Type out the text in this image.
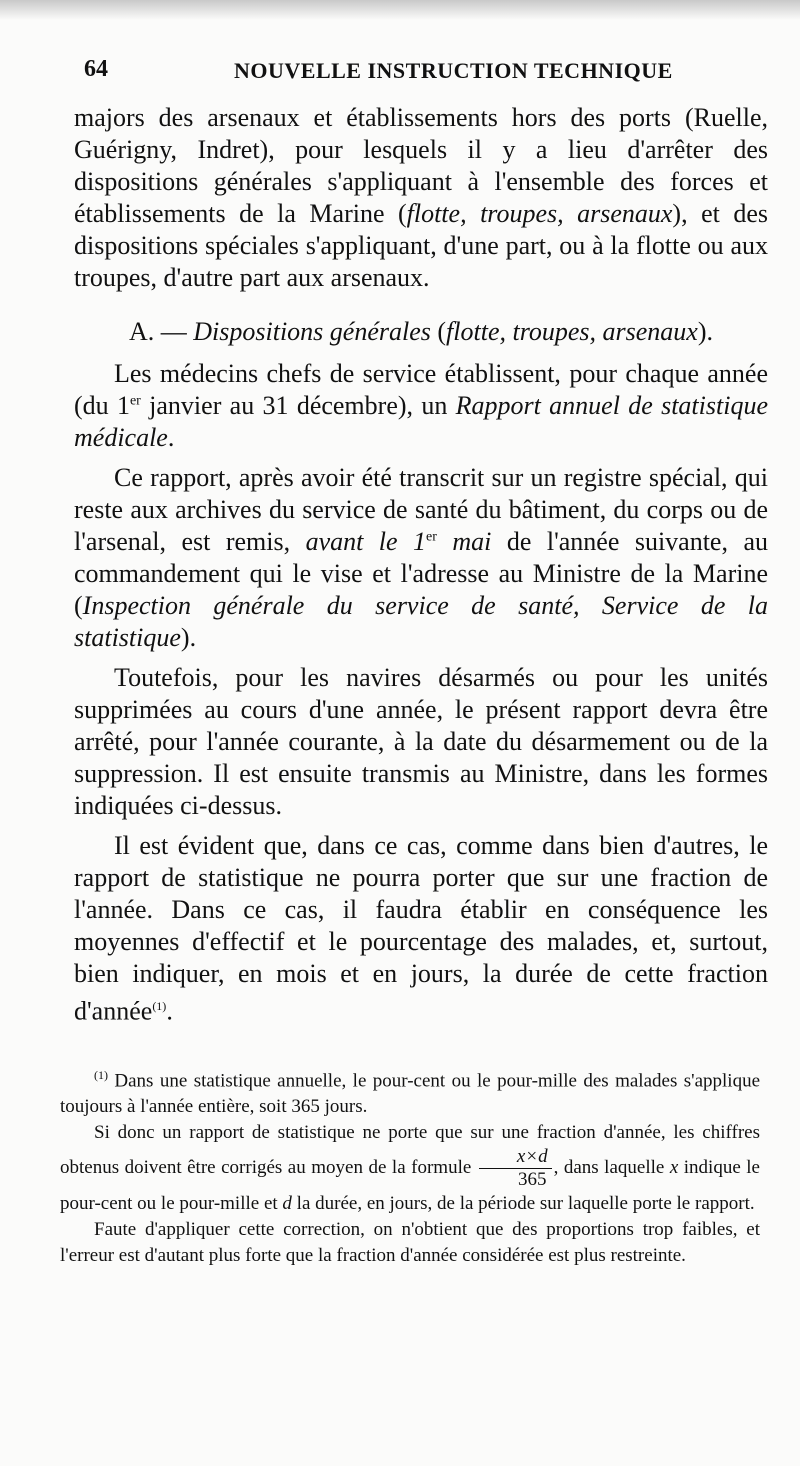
64	NOUVELLE INSTRUCTION TECHNIQUE

majors des arsenaux et établissements hors des ports (Ruelle, Guérigny, Indret), pour lesquels il y a lieu d'arrêter des dispositions générales s'appliquant à l'ensemble des forces et établissements de la Marine (flotte, troupes, arsenaux), et des dispositions spéciales s'appliquant, d'une part, ou à la flotte ou aux troupes, d'autre part aux arsenaux.

A. — Dispositions générales (flotte, troupes, arsenaux).

Les médecins chefs de service établissent, pour chaque année (du 1er janvier au 31 décembre), un Rapport annuel de statistique médicale.

Ce rapport, après avoir été transcrit sur un registre spécial, qui reste aux archives du service de santé du bâtiment, du corps ou de l'arsenal, est remis, avant le 1er mai de l'année suivante, au commandement qui le vise et l'adresse au Ministre de la Marine (Inspection générale du service de santé, Service de la statistique).

Toutefois, pour les navires désarmés ou pour les unités supprimées au cours d'une année, le présent rapport devra être arrêté, pour l'année courante, à la date du désarmement ou de la suppression. Il est ensuite transmis au Ministre, dans les formes indiquées ci-dessus.

Il est évident que, dans ce cas, comme dans bien d'autres, le rapport de statistique ne pourra porter que sur une fraction de l'année. Dans ce cas, il faudra établir en conséquence les moyennes d'effectif et le pourcentage des malades, et, surtout, bien indiquer, en mois et en jours, la durée de cette fraction d'année$^{(1)}$.

$^{(1)}$ Dans une statistique annuelle, le pour-cent ou le pour-mille des malades s'applique toujours à l'année entière, soit 365 jours.

Si donc un rapport de statistique ne porte que sur une fraction d'année, les chiffres obtenus doivent être corrigés au moyen de la formule $\frac{x\times d}{365}$ , dans laquelle x indique le pour-cent ou le pour-mille et d la durée, en jours, de la période sur laquelle porte le rapport.

Faute d'appliquer cette correction, on n'obtient que des proportions trop faibles, et l'erreur est d'autant plus forte que la fraction d'année considérée est plus restreinte.
